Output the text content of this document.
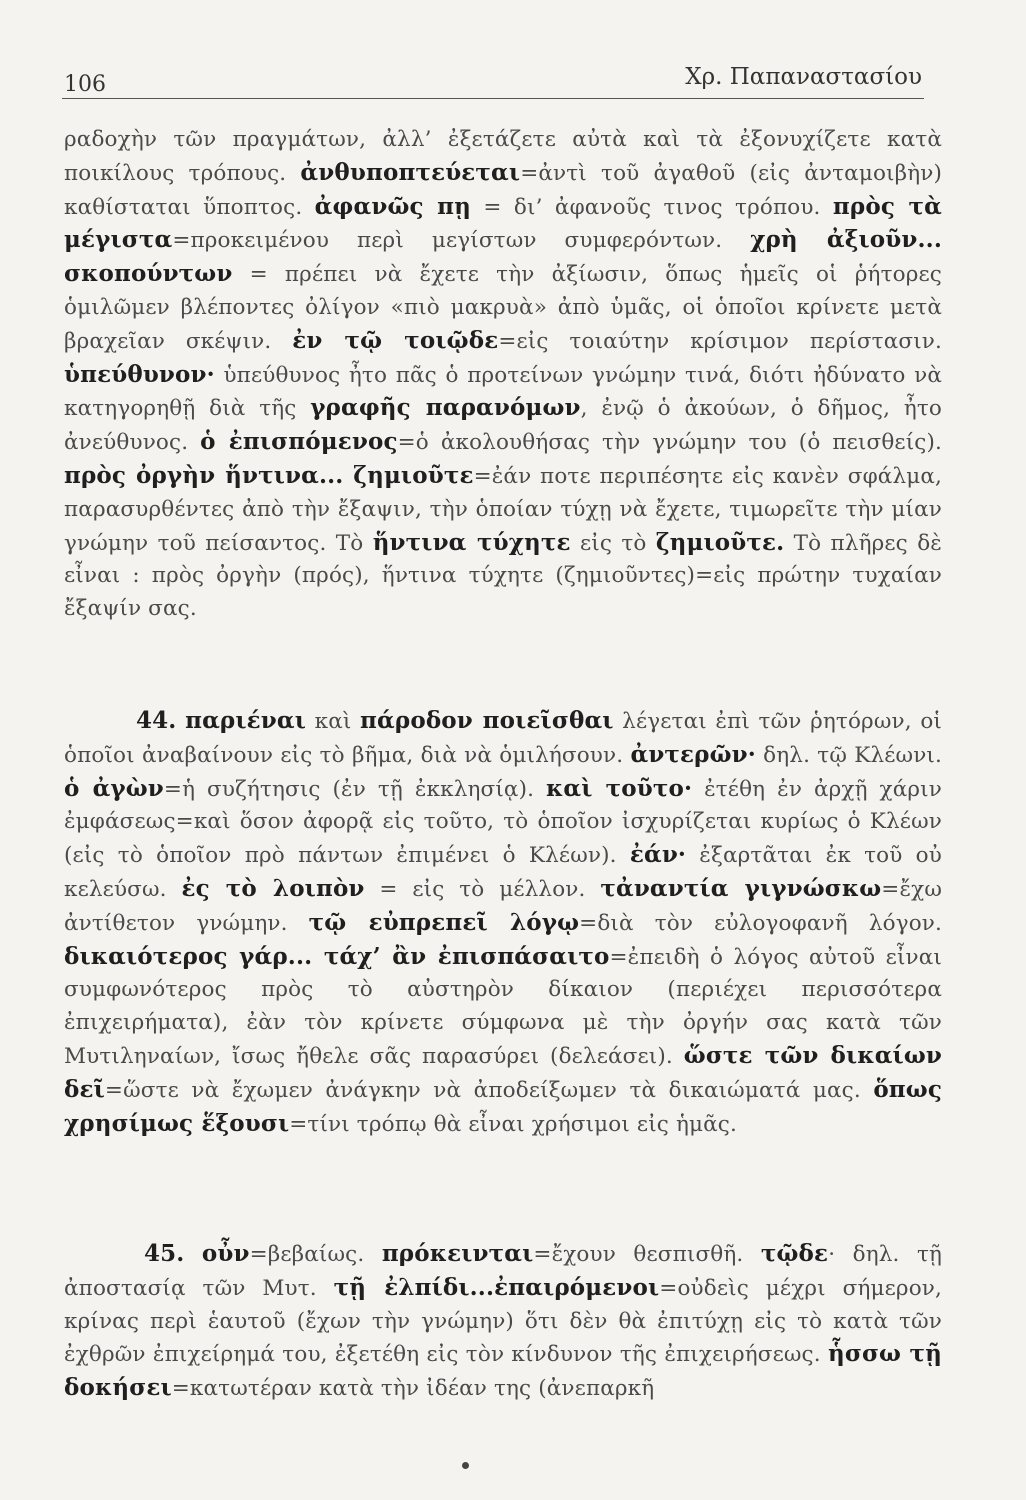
106	Χρ. Παπαναστασίου
ραδοχὴν τῶν πραγμάτων, ἀλλ’ ἐξετάζετε αὐτὰ καὶ τὰ ἐξονυχίζετε κατὰ ποικίλους τρόπους. ἀνθυποπτεύεται=ἀντὶ τοῦ ἀγαθοῦ (εἰς ἀνταμοιβὴν) καθίσταται ὕποπτος. ἀφανῶς πῃ = δι’ ἀφανοῦς τινος τρόπου. πρὸς τὰ μέγιστα=προκειμένου περὶ μεγίστων συμφερόντων. χρὴ ἀξιοῦν... σκοπούντων = πρέπει νὰ ἔχετε τὴν ἀξίωσιν, ὅπως ἡμεῖς οἱ ῥήτορες ὁμιλῶμεν βλέποντες ὀλίγον «πιὸ μακρυὰ» ἀπὸ ὑμᾶς, οἱ ὁποῖοι κρίνετε μετὰ βραχεῖαν σκέψιν. ἐν τῷ τοιῷδε=εἰς τοιαύτην κρίσιμον περίστασιν. ὑπεύθυνον· ὑπεύθυνος ἦτο πᾶς ὁ προτείνων γνώμην τινά, διότι ἠδύνατο νὰ κατηγορηθῇ διὰ τῆς γραφῆς παρανόμων, ἐνῷ ὁ ἀκούων, ὁ δῆμος, ἦτο ἀνεύθυνος. ὁ ἐπισπόμενος=ὁ ἀκολουθήσας τὴν γνώμην του (ὁ πεισθείς). πρὸς ὀργὴν ἥντινα... ζημιοῦτε=ἐάν ποτε περιπέσητε εἰς κανὲν σφάλμα, παρασυρθέντες ἀπὸ τὴν ἔξαψιν, τὴν ὁποίαν τύχῃ νὰ ἔχετε, τιμωρεῖτε τὴν μίαν γνώμην τοῦ πείσαντος. Τὸ ἥντινα τύχητε εἰς τὸ ζημιοῦτε. Τὸ πλῆρες δὲ εἶναι : πρὸς ὀργὴν (πρός), ἥντινα τύχητε (ζημιοῦντες)=εἰς πρώτην τυχαίαν ἔξαψίν σας.
44. παριέναι καὶ πάροδον ποιεῖσθαι λέγεται ἐπὶ τῶν ῥητόρων, οἱ ὁποῖοι ἀναβαίνουν εἰς τὸ βῆμα, διὰ νὰ ὁμιλήσουν. ἀντερῶν· δηλ. τῷ Κλέωνι. ὁ ἀγὼν=ἡ συζήτησις (ἐν τῇ ἐκκλησίᾳ). καὶ τοῦτο· ἐτέθη ἐν ἀρχῇ χάριν ἐμφάσεως=καὶ ὅσον ἀφορᾷ εἰς τοῦτο, τὸ ὁποῖον ἰσχυρίζεται κυρίως ὁ Κλέων (εἰς τὸ ὁποῖον πρὸ πάντων ἐπιμένει ὁ Κλέων). ἐάν· ἐξαρτᾶται ἐκ τοῦ οὐ κελεύσω. ἐς τὸ λοιπὸν = εἰς τὸ μέλλον. τἀναντία γιγνώσκω=ἔχω ἀντίθετον γνώμην. τῷ εὐπρεπεῖ λόγῳ=διὰ τὸν εὐλογοφανῆ λόγον. δικαιότερος γάρ... τάχ’ ἂν ἐπισπάσαιτο=ἐπειδὴ ὁ λόγος αὐτοῦ εἶναι συμφωνότερος πρὸς τὸ αὐστηρὸν δίκαιον (περιέχει περισσότερα ἐπιχειρήματα), ἐὰν τὸν κρίνετε σύμφωνα μὲ τὴν ὀργήν σας κατὰ τῶν Μυτιληναίων, ἴσως ἤθελε σᾶς παρασύρει (δελεάσει). ὥστε τῶν δικαίων δεῖ=ὥστε νὰ ἔχωμεν ἀνάγκην νὰ ἀποδείξωμεν τὰ δικαιώματά μας. ὅπως χρησίμως ἕξουσι=τίνι τρόπῳ θὰ εἶναι χρήσιμοι εἰς ἡμᾶς.
45. οὖν=βεβαίως. πρόκεινται=ἔχουν θεσπισθῆ. τῷδε· δηλ. τῇ ἀποστασίᾳ τῶν Μυτ. τῇ ἐλπίδι...ἐπαιρόμενοι=οὐδεὶς μέχρι σήμερον, κρίνας περὶ ἑαυτοῦ (ἔχων τὴν γνώμην) ὅτι δὲν θὰ ἐπιτύχῃ εἰς τὸ κατὰ τῶν ἐχθρῶν ἐπιχείρημά του, ἐξετέθη εἰς τὸν κίνδυνον τῆς ἐπιχειρήσεως. ἧσσω τῇ δοκήσει=κατωτέραν κατὰ τὴν ἰδέαν της (ἀνεπαρκῆ
